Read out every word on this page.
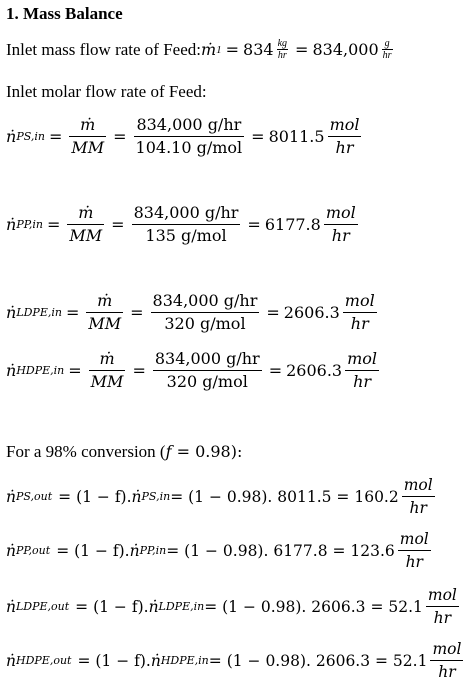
1. Mass Balance
Inlet mass flow rate of Feed: ṁ $1 = 834 \frac{kg}{hr} = 834,000 \frac{g}{hr}$
Inlet molar flow rate of Feed:
ṅ $PS,in = \frac{\text{ṁ}}{MM} = \frac{834,000 g/hr}{\text{104.10 g/mol}} = 8011.5 \frac{\text{mol}}{hr}$
ṅ $PP,in = \frac{\text{ṁ}}{MM} = \frac{834,000 g/hr}{\text{135 g/mol}} = 6177.8 \frac{\text{mol}}{hr}$
ṅ LDPE,in = $\frac{\text{ṁ}}{MM} = \frac{834,000 g/hr}{\text{320 g/mol}} = 2606.3 \frac{\text{mol}}{hr}$
ṅ HDPE,in = $\frac{\text{ṁ}}{MM} = \frac{834,000 g/hr}{\text{320 g/mol}} = 2606.3 \frac{\text{mol}}{hr}$
For a 98% conversion (f = 0.98):
ṅ PS,out = (1 − f). ṅ PS,in = (1 − 0.98). $8011.5 = 160.2 \frac{\text{mol}}{hr}$
ṅ PP,out = (1 − f). ṅ PP,in = (1 − 0.98). $6177.8 = 123.6 \frac{\text{mol}}{hr}$
ṅ LDPE,out = (1 − f). ṅ LDPE,in = (1 − 0.98). $2606.3 = 52.1 \frac{\text{mol}}{hr}$
ṅ HDPE,out = (1 − f). ṅ HDPE,in = (1 − 0.98). $2606.3 = 52.1 \frac{\text{mol}}{hr}$
